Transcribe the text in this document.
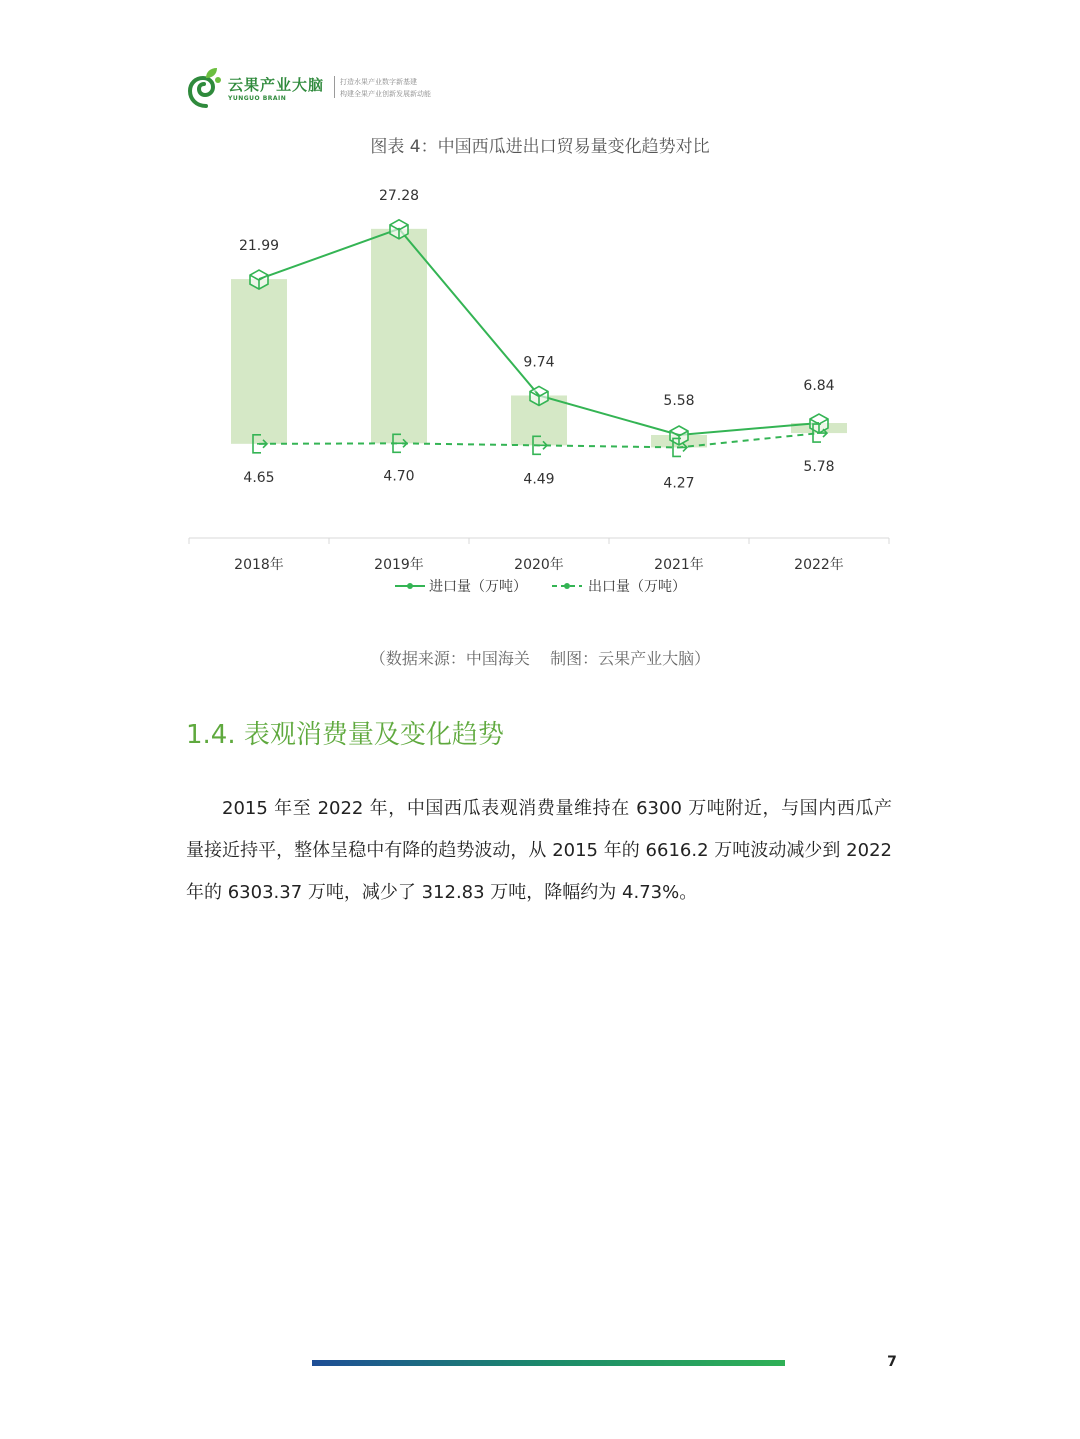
云果产业大脑
YUNGUO BRAIN
打造水果产业数字新基建
构建全果产业创新发展新动能
图表 4：中国西瓜进出口贸易量变化趋势对比
21.99
27.28
9.74
5.58
6.84
4.65	4.70	4.49	4.27
5.78
2018年	2019年	2020年	2021年	2022年
进口量（万吨）	出口量（万吨）
（数据来源：中国海关    制图：云果产业大脑）
1.4. 表观消费量及变化趋势

2015 年至 2022 年，中国西瓜表观消费量维持在 6300 万吨附近，与国内西瓜产量接近持平，整体呈稳中有降的趋势波动，从 2015 年的 6616.2 万吨波动减少到 2022 年的 6303.37 万吨，减少了 312.83 万吨，降幅约为 4.73%。

7
